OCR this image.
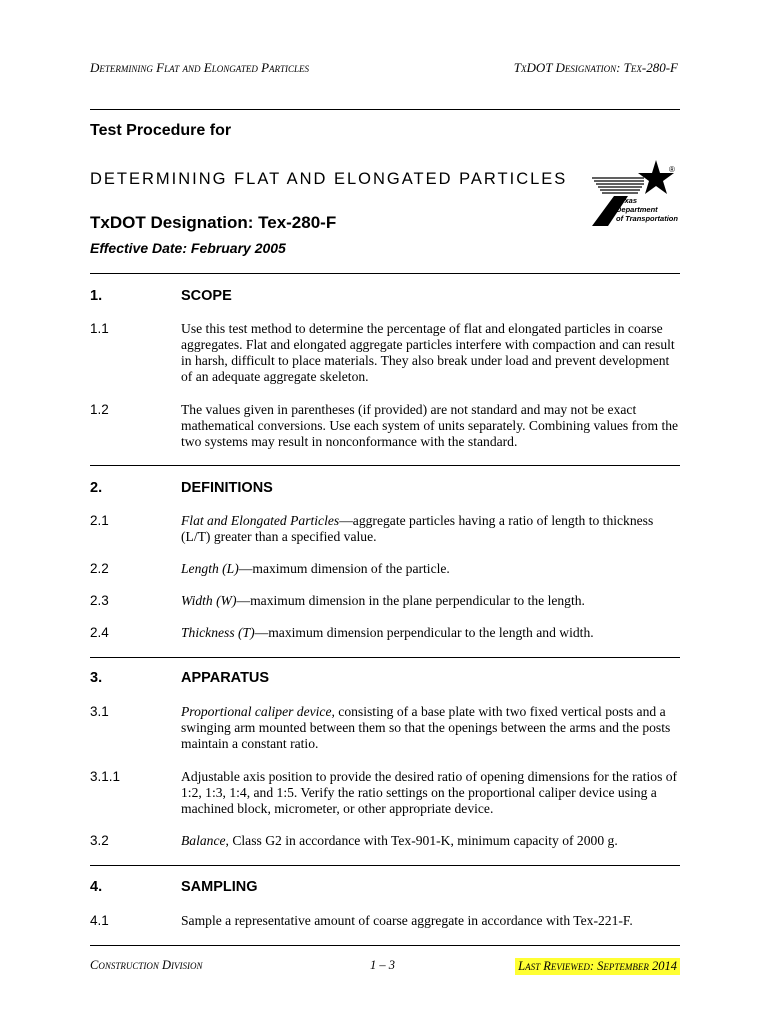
Determining Flat and Elongated Particles	TxDOT Designation: Tex-280-F
Test Procedure for
DETERMINING FLAT AND ELONGATED PARTICLES
TxDOT Designation: Tex-280-F
Effective Date: February 2005
®
Texas
Department
of Transportation
1.	SCOPE
1.1	Use this test method to determine the percentage of flat and elongated particles in coarse aggregates. Flat and elongated aggregate particles interfere with compaction and can result in harsh, difficult to place materials. They also break under load and prevent development of an adequate aggregate skeleton.
1.2	The values given in parentheses (if provided) are not standard and may not be exact mathematical conversions. Use each system of units separately. Combining values from the two systems may result in nonconformance with the standard.
2.	DEFINITIONS
2.1	Flat and Elongated Particles—aggregate particles having a ratio of length to thickness (L/T) greater than a specified value.
2.2	Length (L)—maximum dimension of the particle.
2.3	Width (W)—maximum dimension in the plane perpendicular to the length.
2.4	Thickness (T)—maximum dimension perpendicular to the length and width.
3.	APPARATUS
3.1	Proportional caliper device, consisting of a base plate with two fixed vertical posts and a swinging arm mounted between them so that the openings between the arms and the posts maintain a constant ratio.
3.1.1	Adjustable axis position to provide the desired ratio of opening dimensions for the ratios of 1:2, 1:3, 1:4, and 1:5. Verify the ratio settings on the proportional caliper device using a machined block, micrometer, or other appropriate device.
3.2	Balance, Class G2 in accordance with Tex-901-K, minimum capacity of 2000 g.
4.	SAMPLING
4.1	Sample a representative amount of coarse aggregate in accordance with Tex-221-F.
Construction Division	1 – 3	Last Reviewed: September 2014
